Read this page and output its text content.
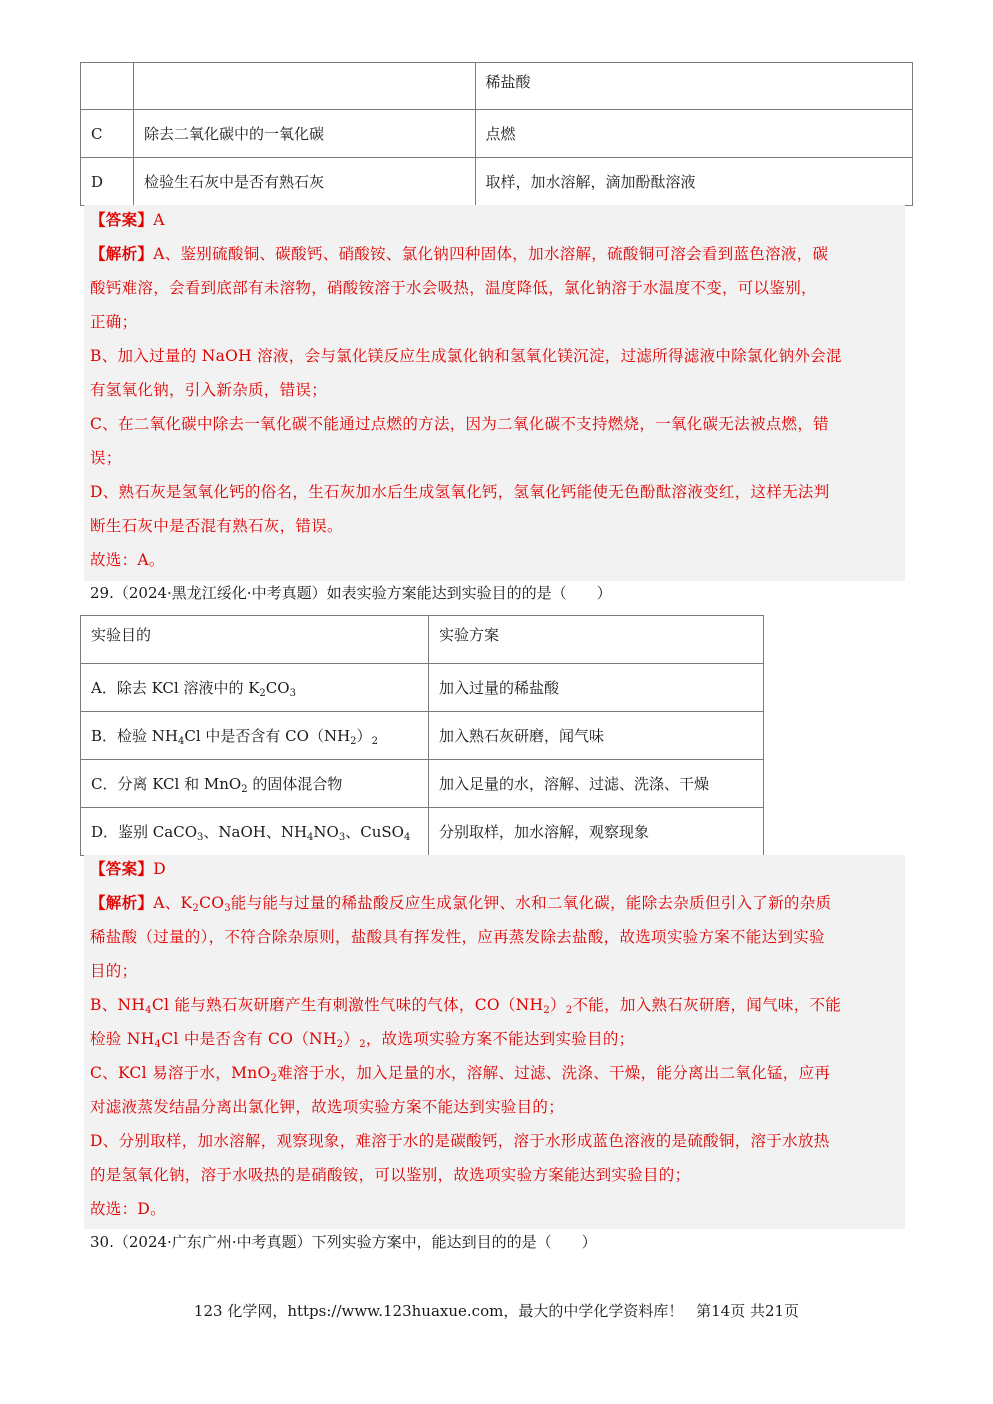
		稀盐酸
C	除去二氧化碳中的一氧化碳	点燃
D	检验生石灰中是否有熟石灰	取样，加水溶解，滴加酚酞溶液
【答案】A
【解析】A、鉴别硫酸铜、碳酸钙、硝酸铵、氯化钠四种固体，加水溶解，硫酸铜可溶会看到蓝色溶液，碳
酸钙难溶，会看到底部有未溶物，硝酸铵溶于水会吸热，温度降低，氯化钠溶于水温度不变，可以鉴别，
正确；
B、加入过量的 NaOH 溶液，会与氯化镁反应生成氯化钠和氢氧化镁沉淀，过滤所得滤液中除氯化钠外会混
有氢氧化钠，引入新杂质，错误；
C、在二氧化碳中除去一氧化碳不能通过点燃的方法，因为二氧化碳不支持燃烧，一氧化碳无法被点燃，错
误；
D、熟石灰是氢氧化钙的俗名，生石灰加水后生成氢氧化钙，氢氧化钙能使无色酚酞溶液变红，这样无法判
断生石灰中是否混有熟石灰，错误。
故选：A。
29.（2024·黑龙江绥化·中考真题）如表实验方案能达到实验目的的是（　　）
实验目的	实验方案
A．除去 KCl 溶液中的 $K_2CO_3$	加入过量的稀盐酸
B．检验 $NH_4Cl$ 中是否含有 $CO(NH_2)_2$	加入熟石灰研磨，闻气味
C．分离 KCl 和 MnO$_2$ 的固体混合物	加入足量的水，溶解、过滤、洗涤、干燥
D．鉴别 CaCO$_3$、NaOH、$NH_4NO_3$、CuSO$_4$	分别取样，加水溶解，观察现象
【答案】D
【解析】A、$K_2CO_3$能与能与过量的稀盐酸反应生成氯化钾、水和二氧化碳，能除去杂质但引入了新的杂质
稀盐酸（过量的），不符合除杂原则，盐酸具有挥发性，应再蒸发除去盐酸，故选项实验方案不能达到实验
目的；
B、$NH_4Cl$ 能与熟石灰研磨产生有刺激性气味的气体，$CO(NH_2)_2$不能，加入熟石灰研磨，闻气味，不能
检验 $NH_4Cl$ 中是否含有 $CO(NH_2)_2$，故选项实验方案不能达到实验目的；
C、KCl 易溶于水，MnO$_2$难溶于水，加入足量的水，溶解、过滤、洗涤、干燥，能分离出二氧化锰，应再
对滤液蒸发结晶分离出氯化钾，故选项实验方案不能达到实验目的；
D、分别取样，加水溶解，观察现象，难溶于水的是碳酸钙，溶于水形成蓝色溶液的是硫酸铜，溶于水放热
的是氢氧化钠，溶于水吸热的是硝酸铵，可以鉴别，故选项实验方案能达到实验目的；
故选：D。
30.（2024·广东广州·中考真题）下列实验方案中，能达到目的的是（　　）
123 化学网，https://www.123huaxue.com，最大的中学化学资料库！ 第14页 共21页
